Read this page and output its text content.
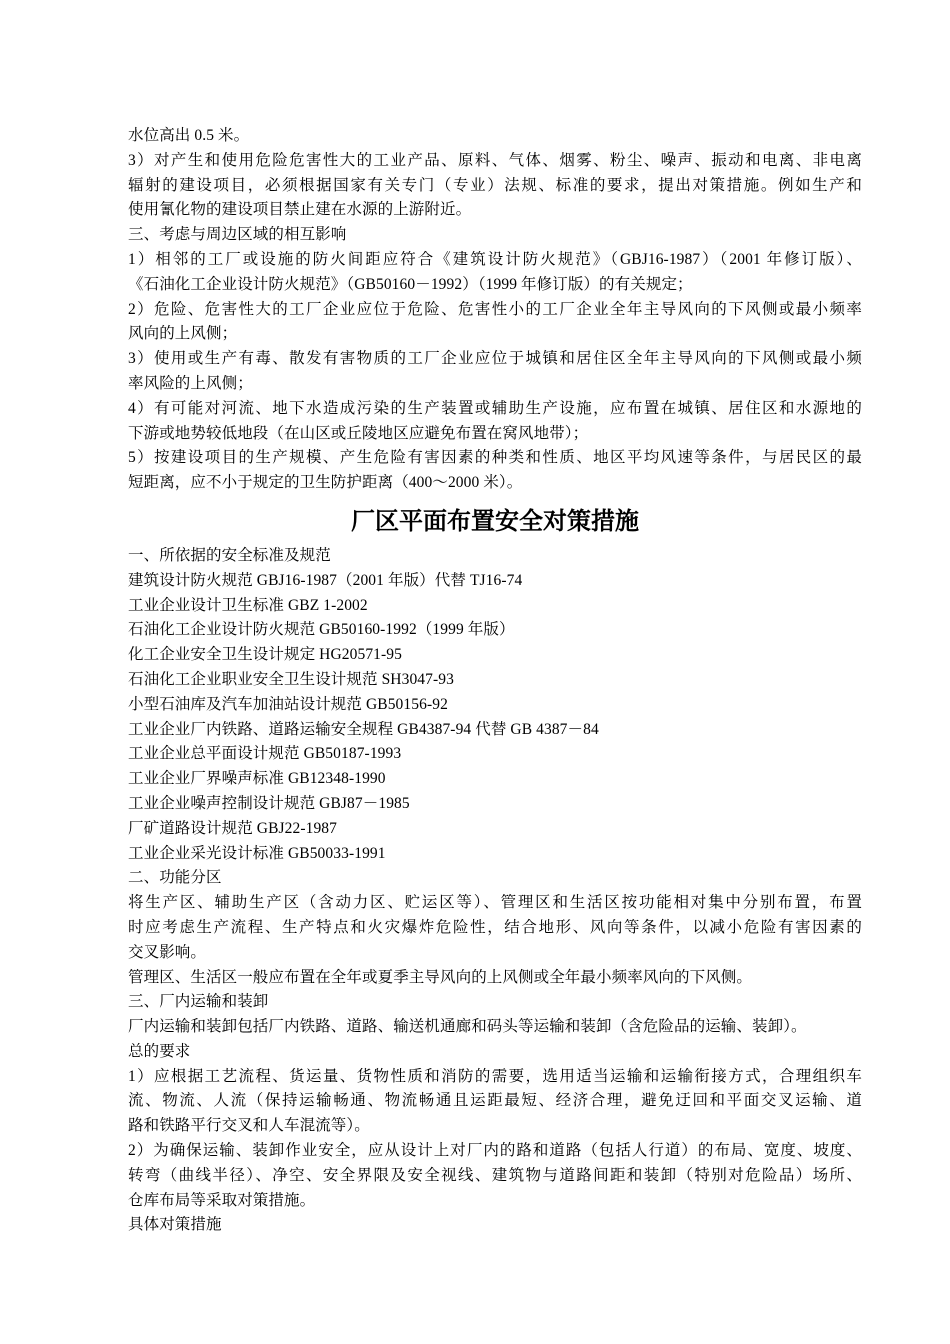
水位高出 0.5 米。
3）对产生和使用危险危害性大的工业产品、原料、气体、烟雾、粉尘、噪声、振动和电离、非电离
辐射的建设项目，必须根据国家有关专门（专业）法规、标准的要求，提出对策措施。例如生产和
使用氰化物的建设项目禁止建在水源的上游附近。
三、考虑与周边区域的相互影响
1）相邻的工厂或设施的防火间距应符合《建筑设计防火规范》（GBJ16-1987）（2001 年修订版）、
《石油化工企业设计防火规范》（GB50160－1992）（1999 年修订版）的有关规定；
2）危险、危害性大的工厂企业应位于危险、危害性小的工厂企业全年主导风向的下风侧或最小频率
风向的上风侧；
3）使用或生产有毒、散发有害物质的工厂企业应位于城镇和居住区全年主导风向的下风侧或最小频
率风险的上风侧；
4）有可能对河流、地下水造成污染的生产装置或辅助生产设施，应布置在城镇、居住区和水源地的
下游或地势较低地段（在山区或丘陵地区应避免布置在窝风地带）；
5）按建设项目的生产规模、产生危险有害因素的种类和性质、地区平均风速等条件，与居民区的最
短距离，应不小于规定的卫生防护距离（400～2000 米）。
厂区平面布置安全对策措施
一、所依据的安全标准及规范
建筑设计防火规范 GBJ16-1987（2001 年版）代替 TJ16-74
工业企业设计卫生标准 GBZ 1-2002
石油化工企业设计防火规范 GB50160-1992（1999 年版）
化工企业安全卫生设计规定 HG20571-95
石油化工企业职业安全卫生设计规范 SH3047-93
小型石油库及汽车加油站设计规范 GB50156-92
工业企业厂内铁路、道路运输安全规程 GB4387-94 代替 GB 4387－84
工业企业总平面设计规范 GB50187-1993
工业企业厂界噪声标准 GB12348-1990
工业企业噪声控制设计规范 GBJ87－1985
厂矿道路设计规范 GBJ22-1987
工业企业采光设计标准 GB50033-1991
二、功能分区
将生产区、辅助生产区（含动力区、贮运区等）、管理区和生活区按功能相对集中分别布置，布置
时应考虑生产流程、生产特点和火灾爆炸危险性，结合地形、风向等条件，以减小危险有害因素的
交叉影响。
管理区、生活区一般应布置在全年或夏季主导风向的上风侧或全年最小频率风向的下风侧。
三、厂内运输和装卸
厂内运输和装卸包括厂内铁路、道路、输送机通廊和码头等运输和装卸（含危险品的运输、装卸）。
总的要求
1）应根据工艺流程、货运量、货物性质和消防的需要，选用适当运输和运输衔接方式，合理组织车
流、物流、人流（保持运输畅通、物流畅通且运距最短、经济合理，避免迂回和平面交叉运输、道
路和铁路平行交叉和人车混流等）。
2）为确保运输、装卸作业安全，应从设计上对厂内的路和道路（包括人行道）的布局、宽度、坡度、
转弯（曲线半径）、净空、安全界限及安全视线、建筑物与道路间距和装卸（特别对危险品）场所、
仓库布局等采取对策措施。
具体对策措施
